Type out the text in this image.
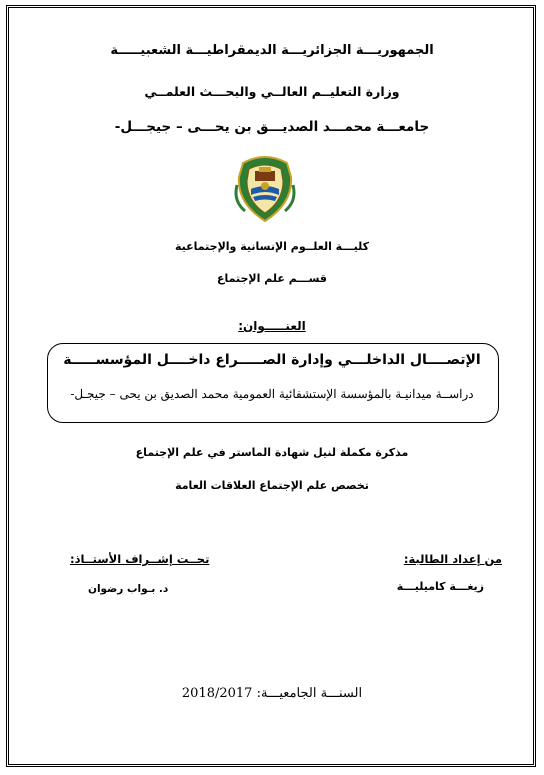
الجمهوريـــة الجزائريـــة الديمقراطيـــة الشعبيـــــة
وزارة التعليــم العالــي والبحـــث العلمــي
جامعـــة محمـــد الصديـــق بن يحـــى – جيجـــل-
كليـــة العلــوم الإنسانية والإجتماعية
قســـم علم الإجتماع
العنـــــوان:
الإتصــــال الداخلـــي وإدارة الصـــــراع داخــــل المؤسســـــة
دراســة ميدانيـة بالمؤسسة الإستشفائية العمومية محمد الصديق بن يحى – جيجـل-
مذكرة مكملة لنيل شهادة الماستر في علم الإجتماع
تخصص علم الإجتماع العلاقات العامة
من إعداد الطالبة:
زيغـــة كاميليـــة
تحــت إشــراف الأستــاذ:
د. بـواب رضوان
السنـــة الجامعيـــة: 2018/2017
